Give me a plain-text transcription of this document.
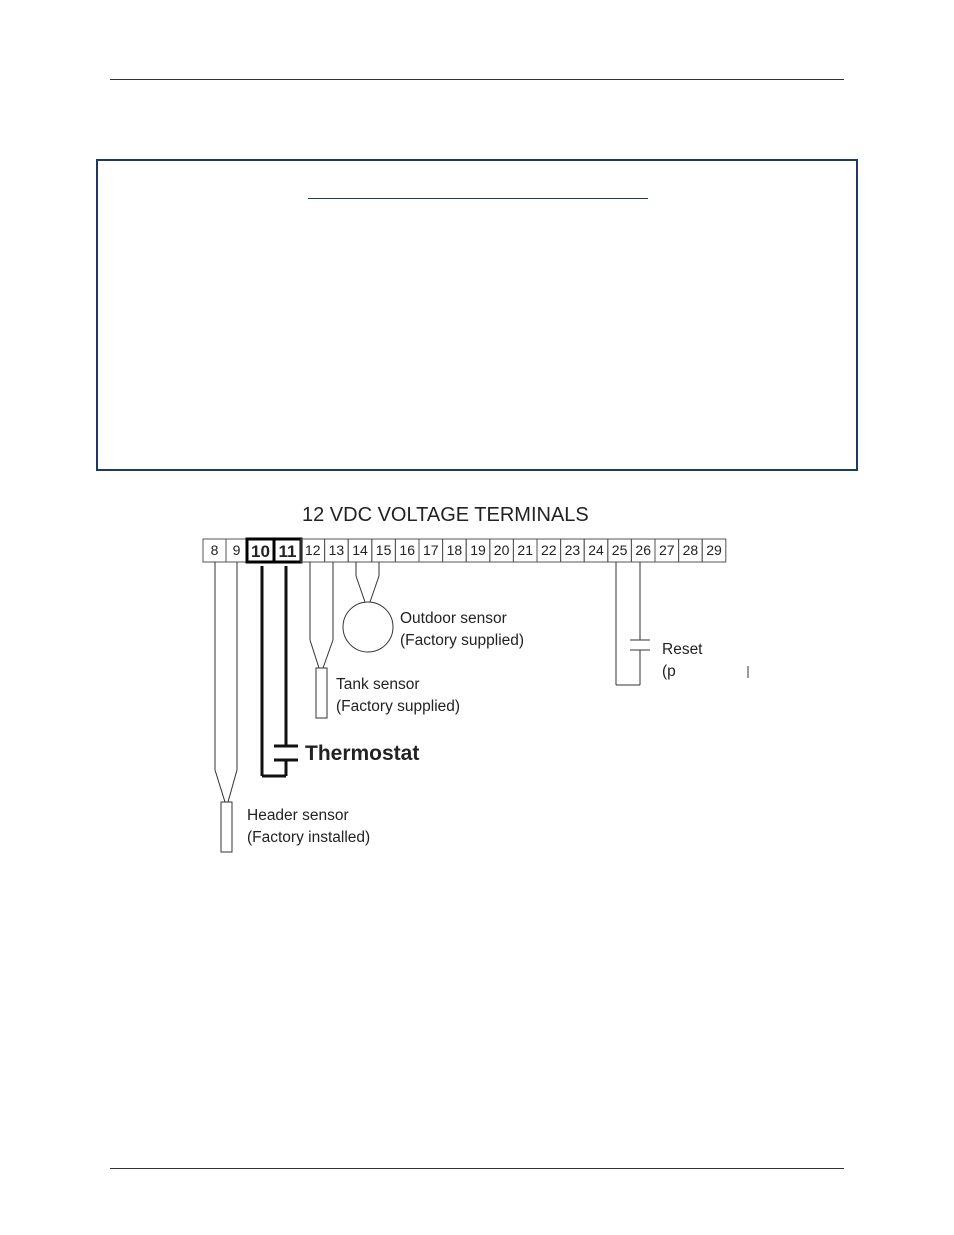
12 VDC VOLTAGE TERMINALS
8 9 10 11 12 13 14 15 16 17 18 19 20 21 22 23 24 25 26 27 28 29
Header sensor
(Factory installed)
Thermostat
Tank sensor
(Factory supplied)
Outdoor sensor
(Factory supplied)
Reset
(p
